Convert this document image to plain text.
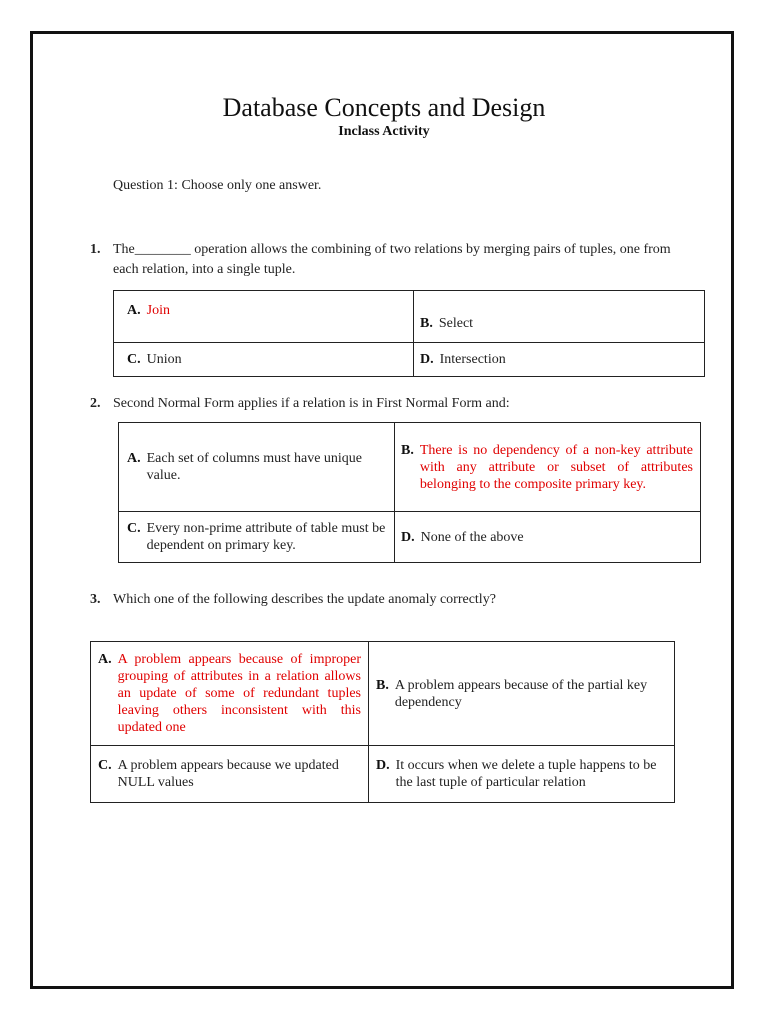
Database Concepts and Design
Inclass Activity
Question 1: Choose only one answer.
1. The________ operation allows the combining of two relations by merging pairs of tuples, one from each relation, into a single tuple.
A. Join	B. Select

C. Union	D. Intersection
2. Second Normal Form applies if a relation is in First Normal Form and:
A. Each set of columns must have unique value.	B. There is no dependency of a non-key attribute with any attribute or subset of attributes belonging to the composite primary key.

C. Every non-prime attribute of table must be dependent on primary key.	D. None of the above
3. Which one of the following describes the update anomaly correctly?
A. A problem appears because of improper grouping of attributes in a relation allows an update of some of redundant tuples leaving others inconsistent with this updated one	B. A problem appears because of the partial key dependency

C. A problem appears because we updated NULL values	D. It occurs when we delete a tuple happens to be the last tuple of particular relation
